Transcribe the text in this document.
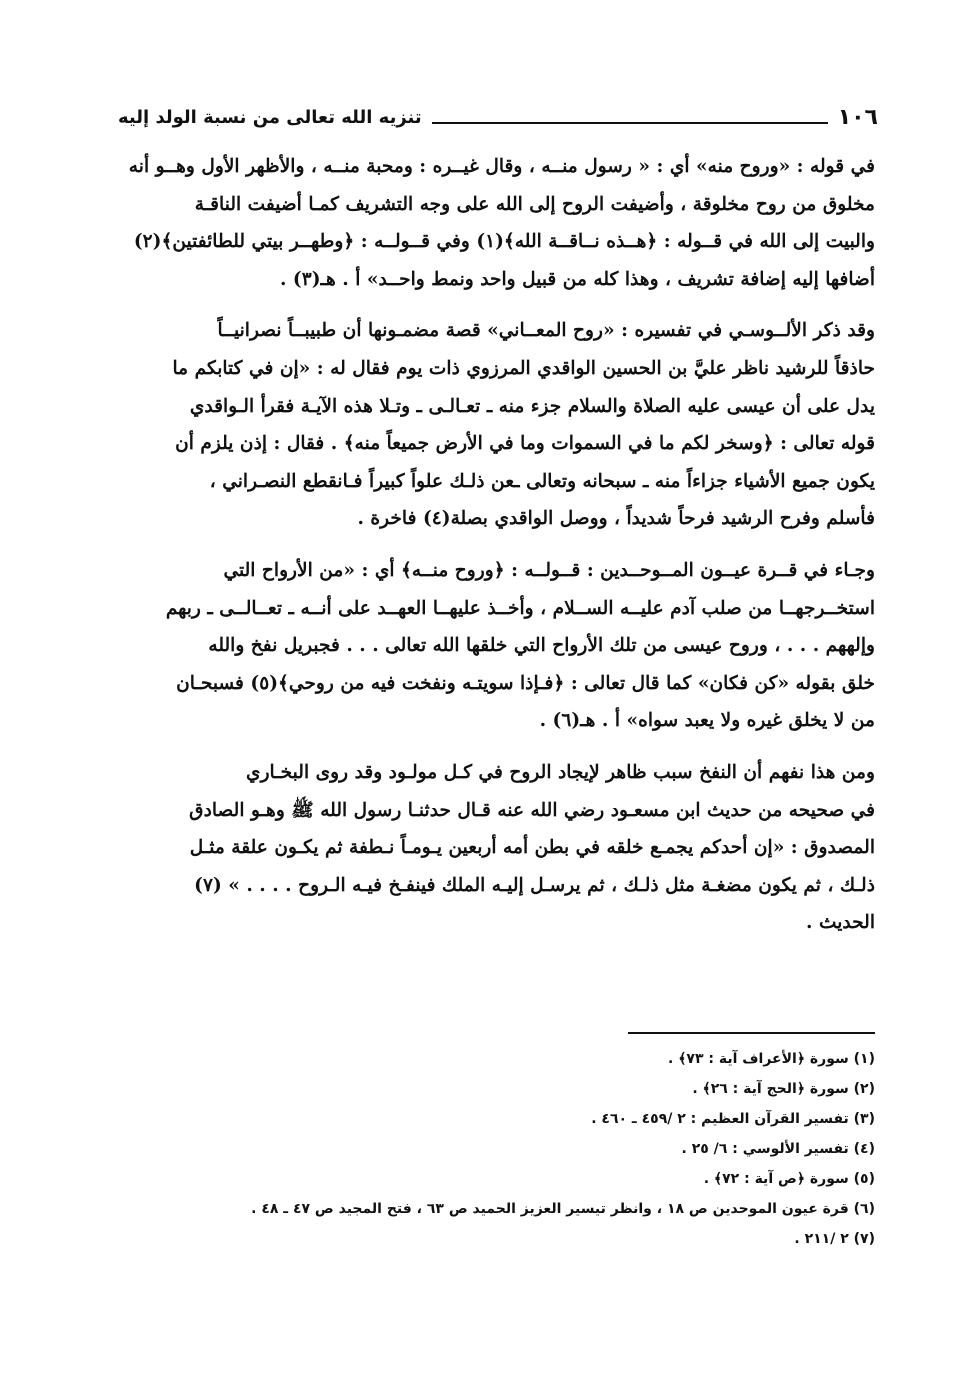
١٠٦
تنزيه الله تعالى من نسبة الولد إليه

في قوله : «وروح منه» أي : « رسول منــه ، وقال غيــره : ومحبة منــه ، والأظهر الأول وهــو أنه
مخلوق من روح مخلوقة ، وأضيفت الروح إلى الله على وجه التشريف كمـا أضيفت الناقـة
والبيت إلى الله في قــوله : ﴿هــذه نــاقــة الله﴾(١) وفي قــولــه : ﴿وطهــر بيتي للطائفتين﴾(٢)
أضافها إليه إضافة تشريف ، وهذا كله من قبيل واحد ونمط واحــد» أ . هـ(٣) .

وقد ذكر الألــوسـي في تفسيره : «روح المعــاني» قصة مضمـونها أن طبيبــاً نصرانيــاً
حاذقاً للرشيد ناظر عليَّ بن الحسين الواقدي المرزوي ذات يوم فقال له : «إن في كتابكم ما
يدل على أن عيسى عليه الصلاة والسلام جزء منه ـ تعـالـى ـ وتـلا هذه الآيـة فقرأ الـواقدي
قوله تعالى : ﴿وسخر لكم ما في السموات وما في الأرض جميعاً منه﴾ . فقال : إذن يلزم أن
يكون جميع الأشياء جزاءاً منه ـ سبحانه وتعالى ـعن ذلـك علواً كبيراً فـانقطع النصـراني ،
فأسلم وفرح الرشيد فرحاً شديداً ، ووصل الواقدي بصلة(٤) فاخرة .

وجـاء في قــرة عيــون المــوحــدين : قــولــه : ﴿وروح منــه﴾ أي : «من الأرواح التي
استخــرجهــا من صلب آدم عليــه الســلام ، وأخــذ عليهــا العهــد على أنــه ـ تعــالــى ـ ربهم
وإلههم . . . ، وروح عيسى من تلك الأرواح التي خلقها الله تعالى . . . فجبريل نفخ والله
خلق بقوله «كن فكان» كما قال تعالى : ﴿فـإذا سويتـه ونفخت فيه من روحي﴾(٥) فسبحـان
من لا يخلق غيره ولا يعبد سواه» أ . هـ(٦) .

ومن هذا نفهم أن النفخ سبب ظاهر لإيجاد الروح في كـل مولـود وقد روى البخـاري
في صحيحه من حديث ابن مسعـود رضي الله عنه قـال حدثنـا رسول الله ﷺ وهـو الصادق
المصدوق : «إن أحدكم يجمـع خلقه في بطن أمه أربعين يـومـاً نـطفة ثم يكـون علقة مثـل
ذلـك ، ثم يكون مضغـة مثل ذلـك ، ثم يرسـل إليـه الملك فينفـخ فيـه الـروح . . . . » (٧)
الحديث .

(١) سورة ﴿الأعراف آية : ٧٣﴾ .
(٢) سورة ﴿الحج آية : ٢٦﴾ .
(٣) تفسير القرآن العظيم : ٢ /٤٥٩ ـ ٤٦٠ .
(٤) تفسير الألوسي : ٦/ ٢٥ .
(٥) سورة ﴿ص آية : ٧٢﴾ .
(٦) قرة عيون الموحدين ص ١٨ ، وانظر تيسير العزيز الحميد ص ٦٣ ، فتح المجيد ص ٤٧ ـ ٤٨ .
(٧) ٢ /٢١١ .
